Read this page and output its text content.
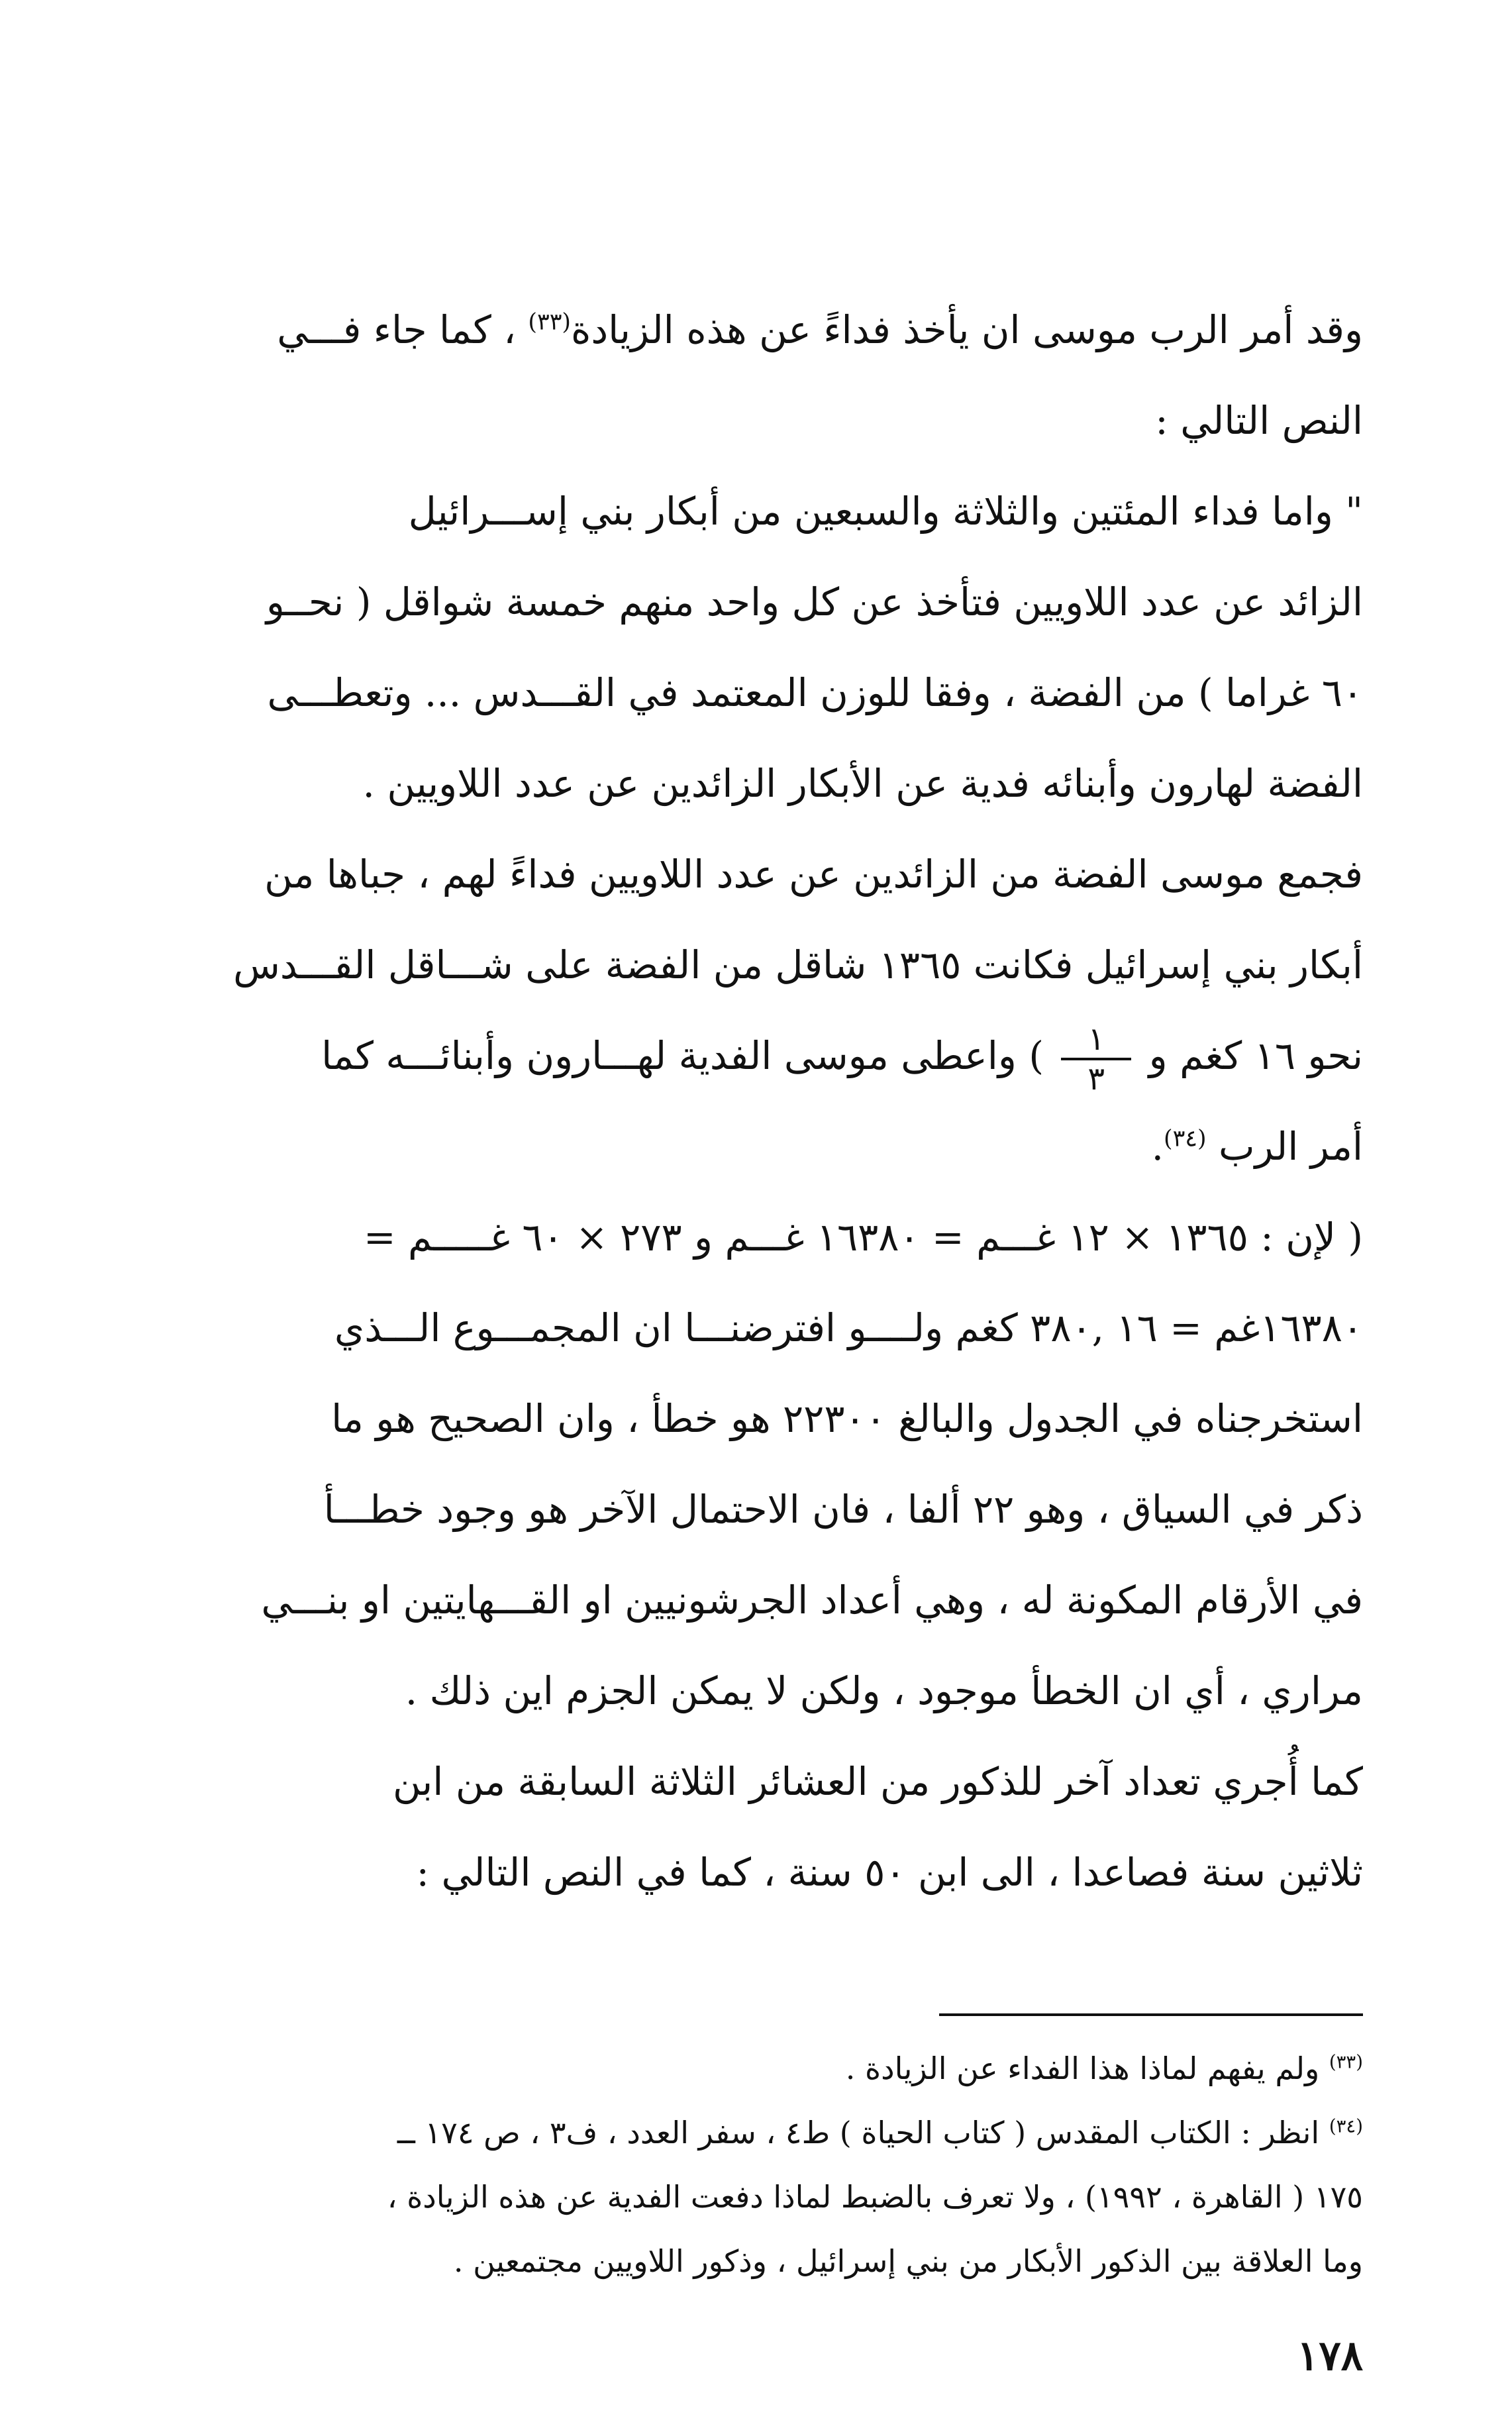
وقد أمر الرب موسى ان يأخذ فداءً عن هذه الزيادة$^{(٣٣)}$ ، كما جاء فـــي

النص التالي :

" واما فداء المئتين والثلاثة والسبعين من أبكار بني إســـرائيل

الزائد عن عدد اللاويين فتأخذ عن كل واحد منهم خمسة شواقل ( نحــو

٦٠ غراما ) من الفضة ، وفقا للوزن المعتمد في القـــدس ... وتعطـــى

الفضة لهارون وأبنائه فدية عن الأبكار الزائدين عن عدد اللاويين .

فجمع موسى الفضة من الزائدين عن عدد اللاويين فداءً لهم ، جباها من

أبكار بني إسرائيل فكانت ١٣٦٥ شاقل من الفضة على شـــاقل القـــدس

نحو ١٦ كغم و
$\frac{١}{٣}$
) واعطى موسى الفدية لهـــارون وأبنائـــه كما

أمر الرب $^{(٣٤)}$.

( لإن : ١٣٦٥ × ١٢ غـــم = ١٦٣٨٠ غـــم و ٢٧٣ × ٦٠ غـــــم =

١٦٣٨٠غم = ١٦ ,٣٨٠ كغم ولــــو افترضنـــا ان المجمـــوع الـــذي

استخرجناه في الجدول والبالغ ٢٢٣٠٠ هو خطأ ، وان الصحيح هو ما

ذكر في السياق ، وهو ٢٢ ألفا ، فان الاحتمال الآخر هو وجود خطـــأ

في الأرقام المكونة له ، وهي أعداد الجرشونيين او القـــهايتين او بنـــي

مراري ، أي ان الخطأ موجود ، ولكن لا يمكن الجزم اين ذلك .

كما أُجري تعداد آخر للذكور من العشائر الثلاثة السابقة من ابن

ثلاثين سنة فصاعدا ، الى ابن ٥٠ سنة ، كما في النص التالي :

$^{(٣٣)}$ ولم يفهم لماذا هذا الفداء عن الزيادة .

$^{(٣٤)}$ انظر : الكتاب المقدس ( كتاب الحياة ) ط٤ ، سفر العدد ، ف٣ ، ص ١٧٤ ــ

١٧٥ ( القاهرة ، ١٩٩٢) ، ولا تعرف بالضبط لماذا دفعت الفدية عن هذه الزيادة ،

وما العلاقة بين الذكور الأبكار من بني إسرائيل ، وذكور اللاويين مجتمعين .

١٧٨
